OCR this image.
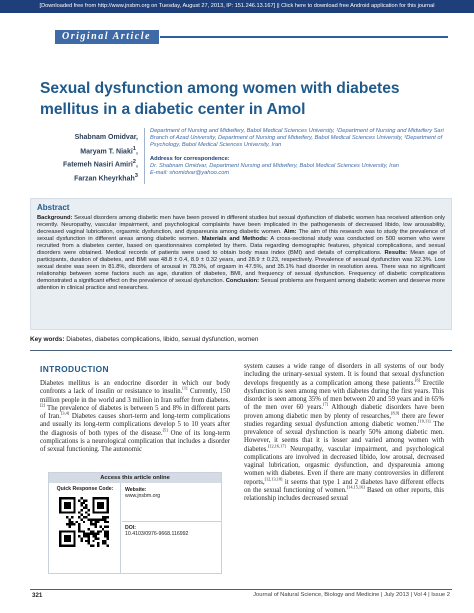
[Downloaded free from http://www.jnsbm.org on Tuesday, August 27, 2013, IP: 151.246.13.167] || Click here to download free Android application for this journal
Original Article
Sexual dysfunction among women with diabetes mellitus in a diabetic center in Amol
Shabnam Omidvar,
Maryam T. Niaki$^1$,
Fatemeh Nasiri Amiri$^2$,
Farzan Kheyrkhah$^3$

Department of Nursing and Midwifery, Babol Medical Sciences University, ¹Department of Nursing and Midwifery Sari Branch of Azad University, Department of Nursing and Midwifery, Babol Medical Sciences University, ³Department of Psychology, Babol Medical Sciences University, Iran

Address for correspondence:

Dr. Shabnam Omidvar, Department Nursing and Midwifery, Babol Medical Sciences University, Iran

E-mail: shomidvar@yahoo.com

Abstract
Background: Sexual disorders among diabetic men have been proved in different studies but sexual dysfunction of diabetic women has received attention only recently. Neuropathy, vascular impairment, and psychological complaints have been implicated in the pathogenesis of decreased libido, low arousability, decreased vaginal lubrication, orgasmic dysfunction, and dyspareunia among diabetic women. Aim: The aim of this research was to study the prevalence of sexual dysfunction in different areas among diabetic women. Materials and Methods: A cross-sectional study was conducted on 500 women who were recruited from a diabetes center, based on questionnaires completed by them. Data regarding demographic features, physical complications, and sexual disorders were obtained. Medical records of patients were used to obtain body mass index (BMI) and details of complications. Results: Mean age of participants, duration of diabetes, and BMI was 48.8 ± 0.4, 8.9 ± 0.32 years, and 28.9 ± 0.23, respectively. Prevalence of sexual dysfunction was 32.3%. Low sexual desire was seen in 81.8%, disorders of arousal in 78.3%, of orgasm in 47.5%, and 35.1% had disorder in resolution area. There was no significant relationship between some factors such as age, duration of diabetes, BMI, and frequency of sexual dysfunction. Frequency of diabetic complications demonstrated a significant effect on the prevalence of sexual dysfunction. Conclusion: Sexual problems are frequent among diabetic women and deserve more attention in clinical practice and researches.
Key words: Diabetes, diabetes complications, libido, sexual dysfunction, women
INTRODUCTION
Diabetes mellitus is an endocrine disorder in which our body confronts a lack of insulin or resistance to insulin.[1] Currently, 150 million people in the world and 3 million in Iran suffer from diabetes.[2] The prevalence of diabetes is between 5 and 8% in different parts of Iran.[3,4] Diabetes causes short-term and long-term complications and usually its long-term complications develop 5 to 10 years after the diagnosis of both types of the disease.[5] One of its long-term complications is a neurological complication that includes a disorder of sexual functioning. The autonomic
system causes a wide range of disorders in all systems of our body including the urinary-sexual system. It is found that sexual dysfunction develops frequently as a complication among these patients.[6] Erectile dysfunction is seen among men with diabetes during the first years. This disorder is seen among 35% of men between 20 and 59 years and in 65% of the men over 60 years.[7] Although diabetic disorders have been proven among diabetic men by plenty of researches,[8,9] there are fewer studies regarding sexual dysfunction among diabetic women.[10,11] The prevalence of sexual dysfunction is nearly 50% among diabetic men. However, it seems that it is lesser and varied among women with diabetes.[12,16,17] Neuropathy, vascular impairment, and psychological complications are involved in decreased libido, low arousal, decreased vaginal lubrication, orgasmic dysfunction, and dyspareunia among women with diabetes. Even if there are many controversies in different reports,[12,13,18] it seems that type 1 and 2 diabetes have different effects on the sexual functioning of women.[14,15,16] Based on other reports, this relationship includes decreased sexual
Access this article online
Quick Response Code:	Website:
www.jnsbm.org
DOI:
10.4103/0976-9668.116992
321	Journal of Natural Science, Biology and Medicine | July 2013 | Vol 4 | Issue 2
